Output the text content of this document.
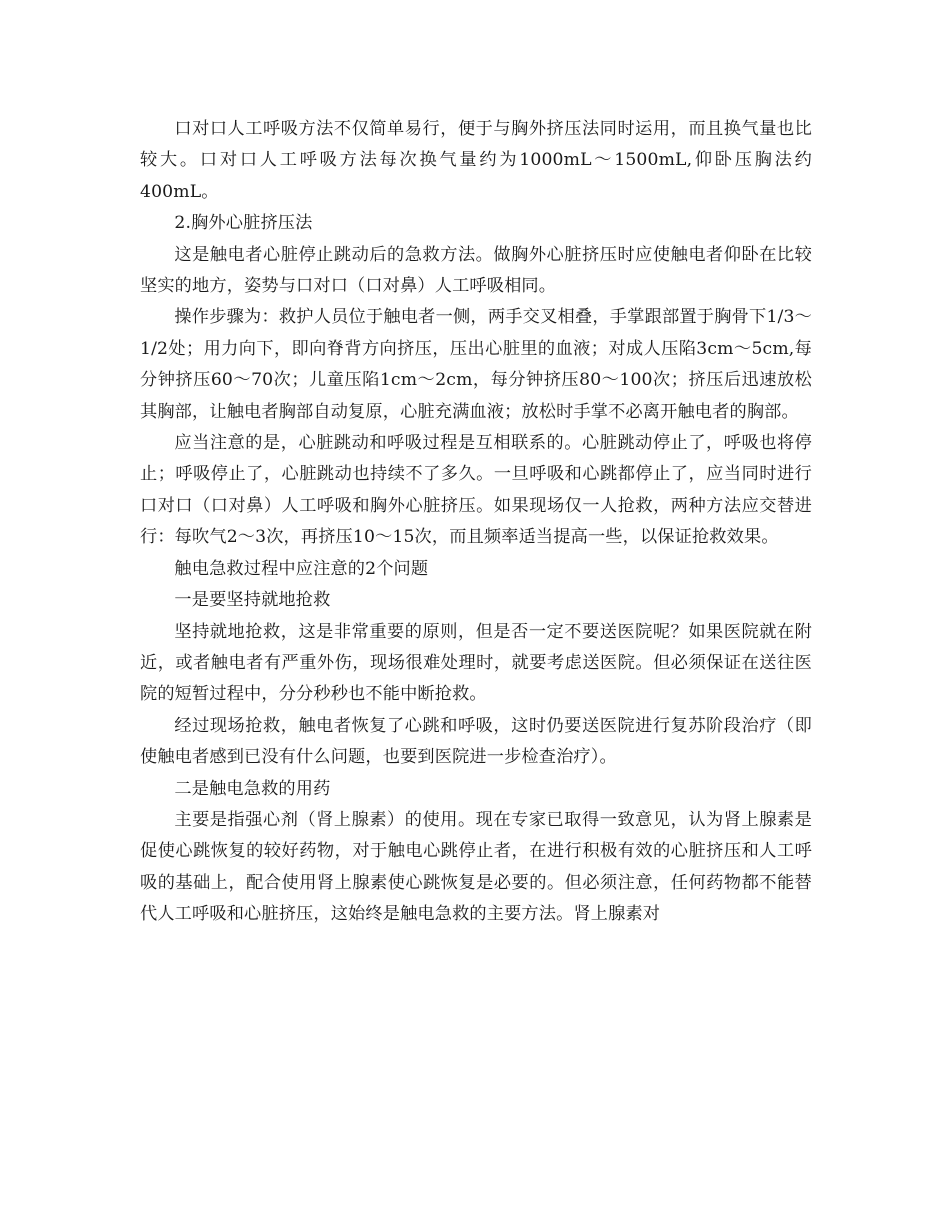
口对口人工呼吸方法不仅简单易行，便于与胸外挤压法同时运用，而且换气量也比较大。口对口人工呼吸方法每次换气量约为1000mL～1500mL,仰卧压胸法约400mL。

2.胸外心脏挤压法

这是触电者心脏停止跳动后的急救方法。做胸外心脏挤压时应使触电者仰卧在比较坚实的地方，姿势与口对口（口对鼻）人工呼吸相同。

操作步骤为：救护人员位于触电者一侧，两手交叉相叠，手掌跟部置于胸骨下1/3～1/2处；用力向下，即向脊背方向挤压，压出心脏里的血液；对成人压陷3cm～5cm,每分钟挤压60～70次；儿童压陷1cm～2cm，每分钟挤压80～100次；挤压后迅速放松其胸部，让触电者胸部自动复原，心脏充满血液；放松时手掌不必离开触电者的胸部。

应当注意的是，心脏跳动和呼吸过程是互相联系的。心脏跳动停止了，呼吸也将停止；呼吸停止了，心脏跳动也持续不了多久。一旦呼吸和心跳都停止了，应当同时进行口对口（口对鼻）人工呼吸和胸外心脏挤压。如果现场仅一人抢救，两种方法应交替进行：每吹气2～3次，再挤压10～15次，而且频率适当提高一些，以保证抢救效果。

触电急救过程中应注意的2个问题

一是要坚持就地抢救

坚持就地抢救，这是非常重要的原则，但是否一定不要送医院呢？如果医院就在附近，或者触电者有严重外伤，现场很难处理时，就要考虑送医院。但必须保证在送往医院的短暂过程中，分分秒秒也不能中断抢救。

经过现场抢救，触电者恢复了心跳和呼吸，这时仍要送医院进行复苏阶段治疗（即使触电者感到已没有什么问题，也要到医院进一步检查治疗）。

二是触电急救的用药

主要是指强心剂（肾上腺素）的使用。现在专家已取得一致意见，认为肾上腺素是促使心跳恢复的较好药物，对于触电心跳停止者，在进行积极有效的心脏挤压和人工呼吸的基础上，配合使用肾上腺素使心跳恢复是必要的。但必须注意，任何药物都不能替代人工呼吸和心脏挤压，这始终是触电急救的主要方法。肾上腺素对
